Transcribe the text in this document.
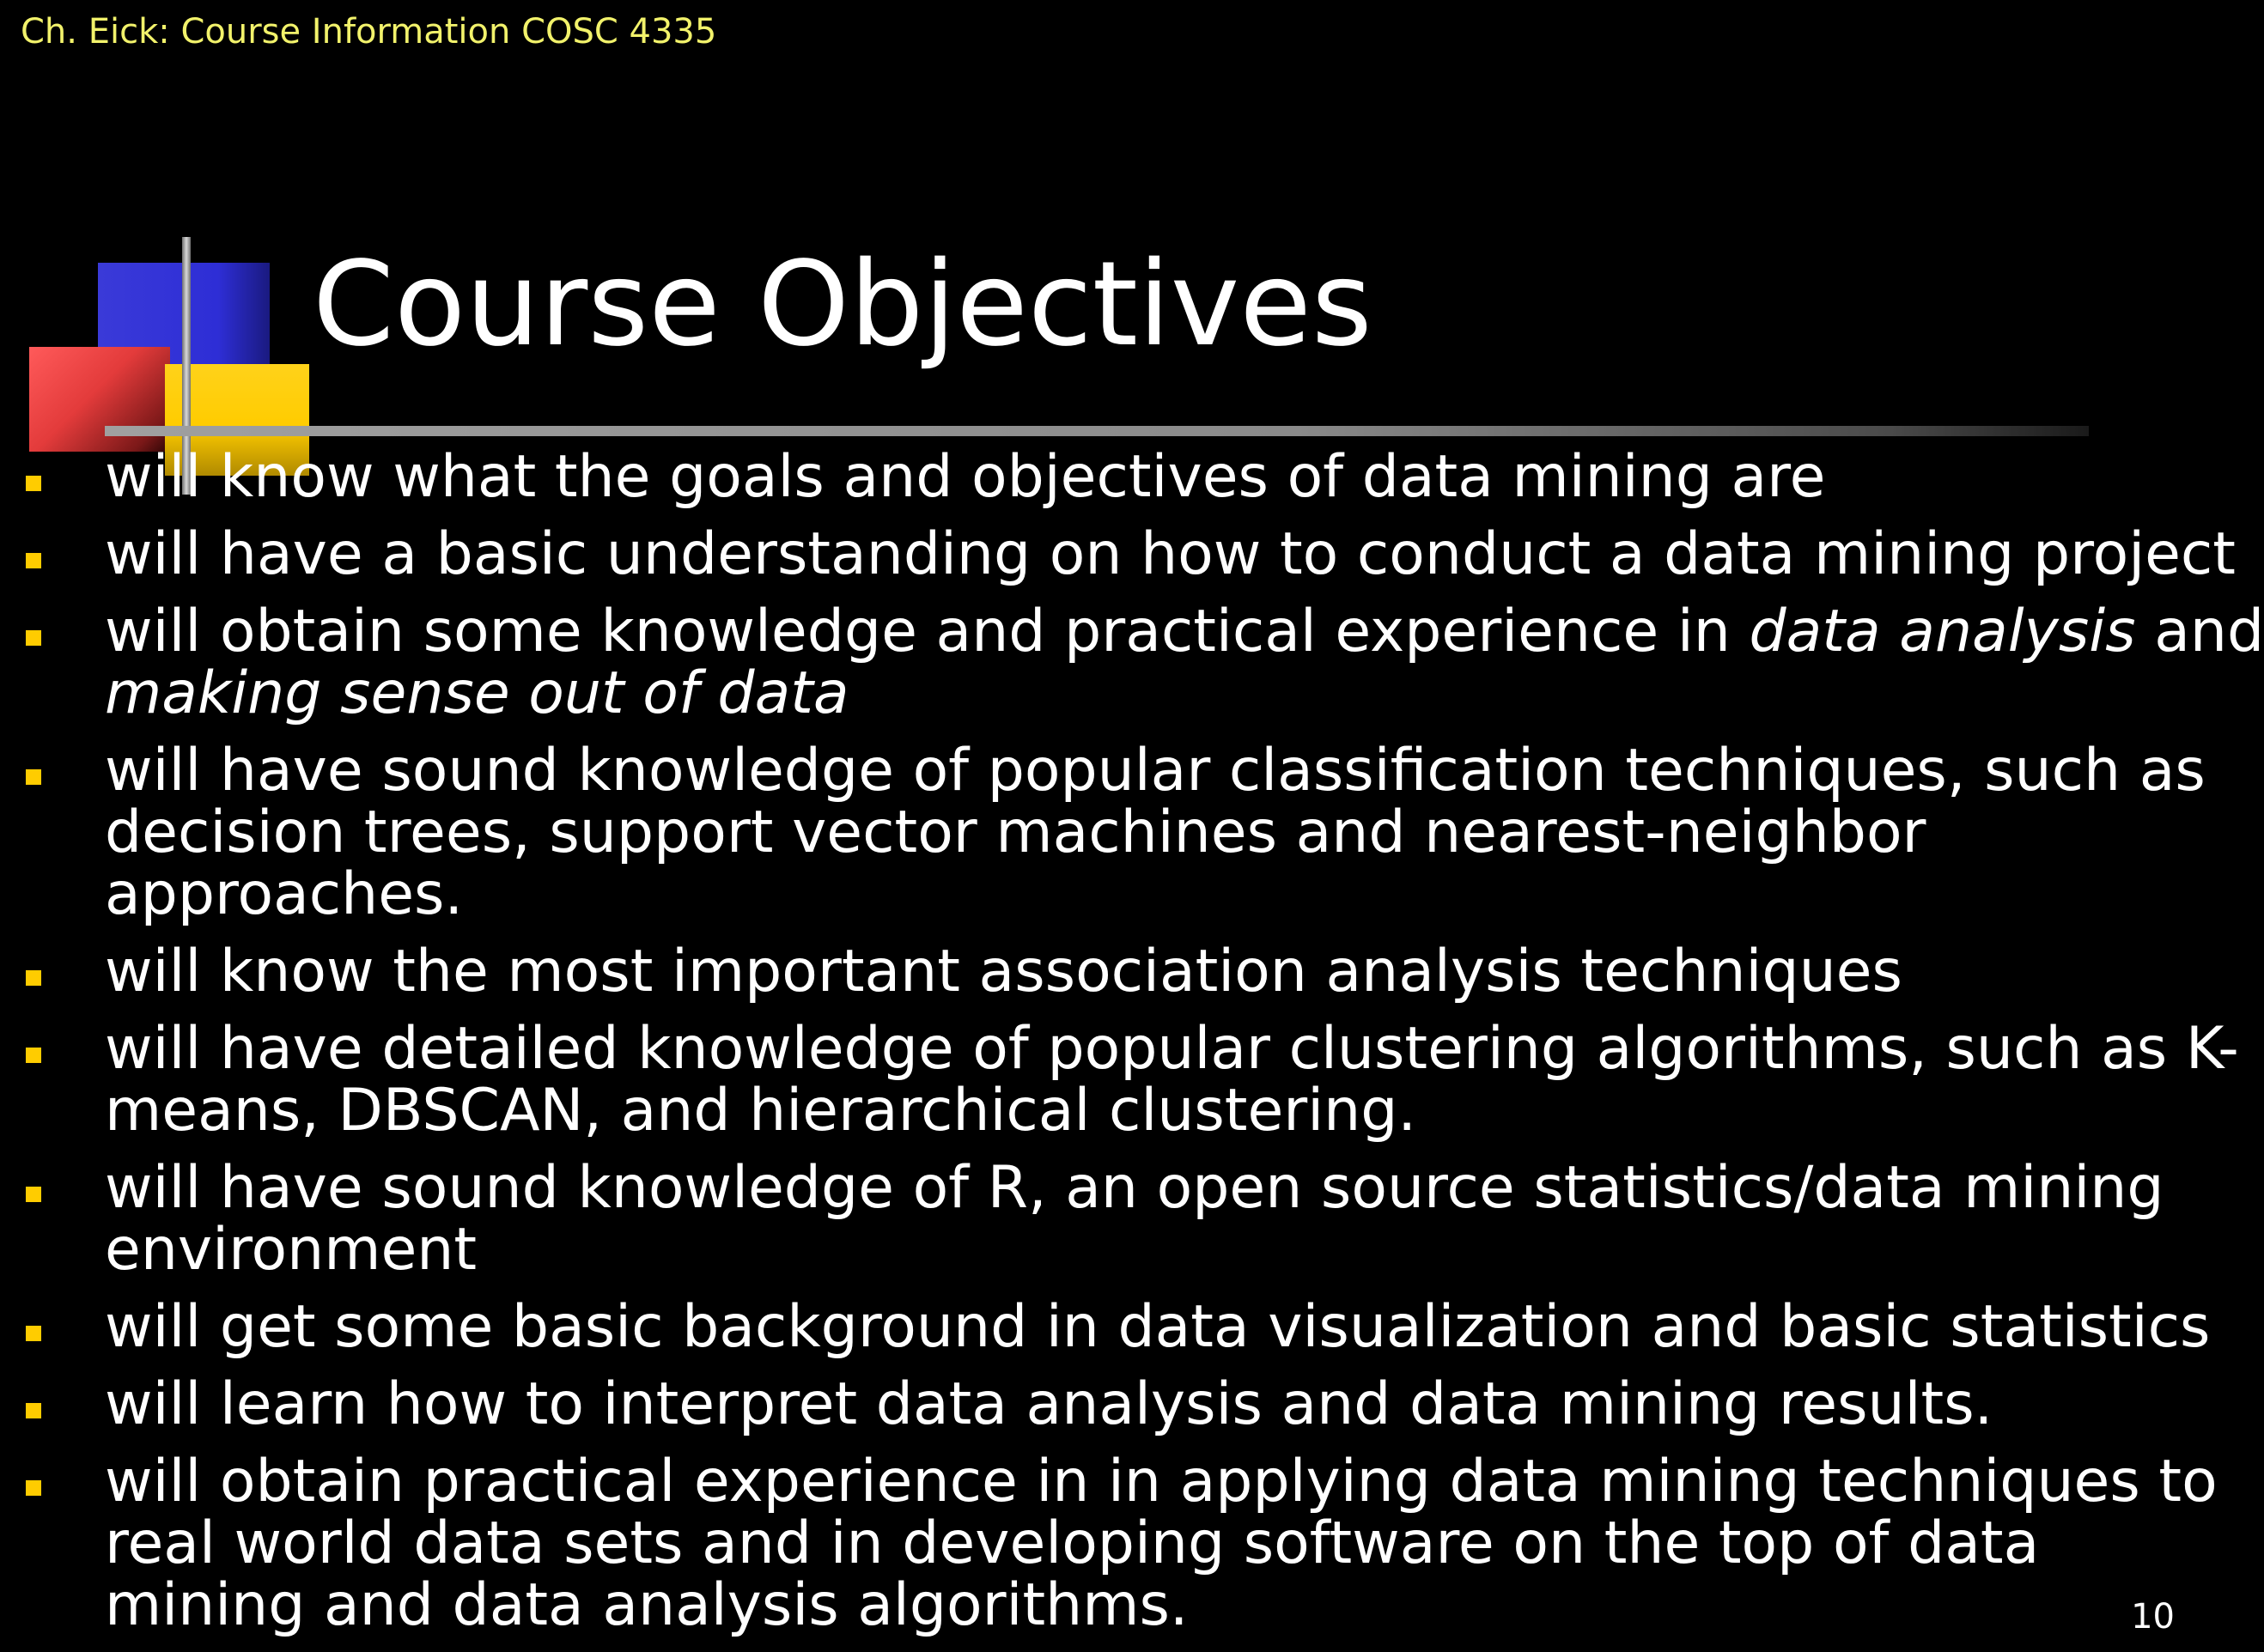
Ch. Eick: Course Information COSC 4335
Course Objectives
will know what the goals and objectives of data mining are
will have a basic understanding on how to conduct a data mining project
will obtain some knowledge and practical experience in data analysis and
making sense out of data
will have sound knowledge of popular classification techniques, such as
decision trees, support vector machines and nearest-neighbor
approaches.
will know the most important association analysis techniques
will have detailed knowledge of popular clustering algorithms, such as K-
means, DBSCAN, and hierarchical clustering.
will have sound knowledge of R, an open source statistics/data mining
environment
will get some basic background in data visualization and basic statistics
will learn how to interpret data analysis and data mining results.
will obtain practical experience in in applying data mining techniques to
real world data sets and in developing software on the top of data
mining and data analysis algorithms.	10
